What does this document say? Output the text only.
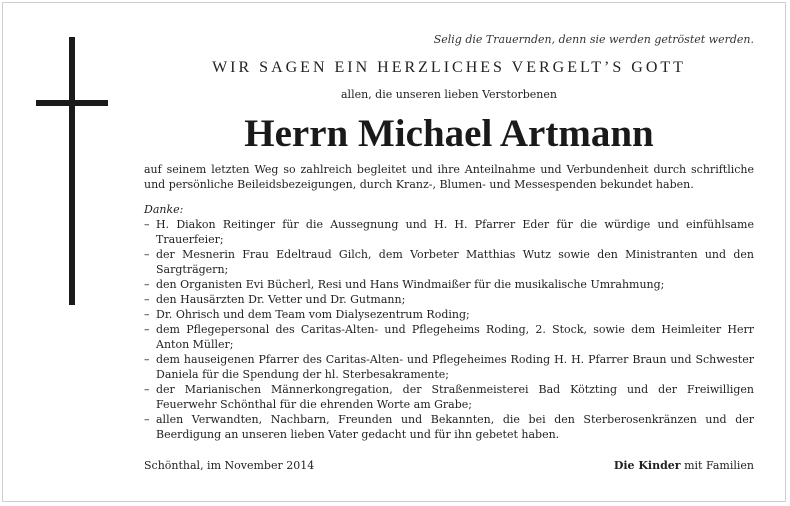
Selig die Trauernden, denn sie werden getröstet werden.
WIR SAGEN EIN HERZLICHES VERGELT’S GOTT
allen, die unseren lieben Verstorbenen
Herrn Michael Artmann
auf seinem letzten Weg so zahlreich begleitet und ihre Anteilnahme und Verbundenheit durch schriftliche und persönliche Beileidsbezeigungen, durch Kranz-, Blumen- und Messespenden bekundet haben.
Danke:
– H. Diakon Reitinger für die Aussegnung und H. H. Pfarrer Eder für die würdige und einfühlsame Trauerfeier;
– der Mesnerin Frau Edeltraud Gilch, dem Vorbeter Matthias Wutz sowie den Ministranten und den Sargträgern;
– den Organisten Evi Bücherl, Resi und Hans Windmaißer für die musikalische Umrahmung;
– den Hausärzten Dr. Vetter und Dr. Gutmann;
– Dr. Ohrisch und dem Team vom Dialysezentrum Roding;
– dem Pflegepersonal des Caritas-Alten- und Pflegeheims Roding, 2. Stock, sowie dem Heimleiter Herr Anton Müller;
– dem hauseigenen Pfarrer des Caritas-Alten- und Pflegeheimes Roding H. H. Pfarrer Braun und Schwester Daniela für die Spendung der hl. Sterbesakramente;
– der Marianischen Männerkongregation, der Straßenmeisterei Bad Kötzting und der Freiwilligen Feuerwehr Schönthal für die ehrenden Worte am Grabe;
– allen Verwandten, Nachbarn, Freunden und Bekannten, die bei den Sterberosenkränzen und der Beerdigung an unseren lieben Vater gedacht und für ihn gebetet haben.
Schönthal, im November 2014	Die Kinder mit Familien
